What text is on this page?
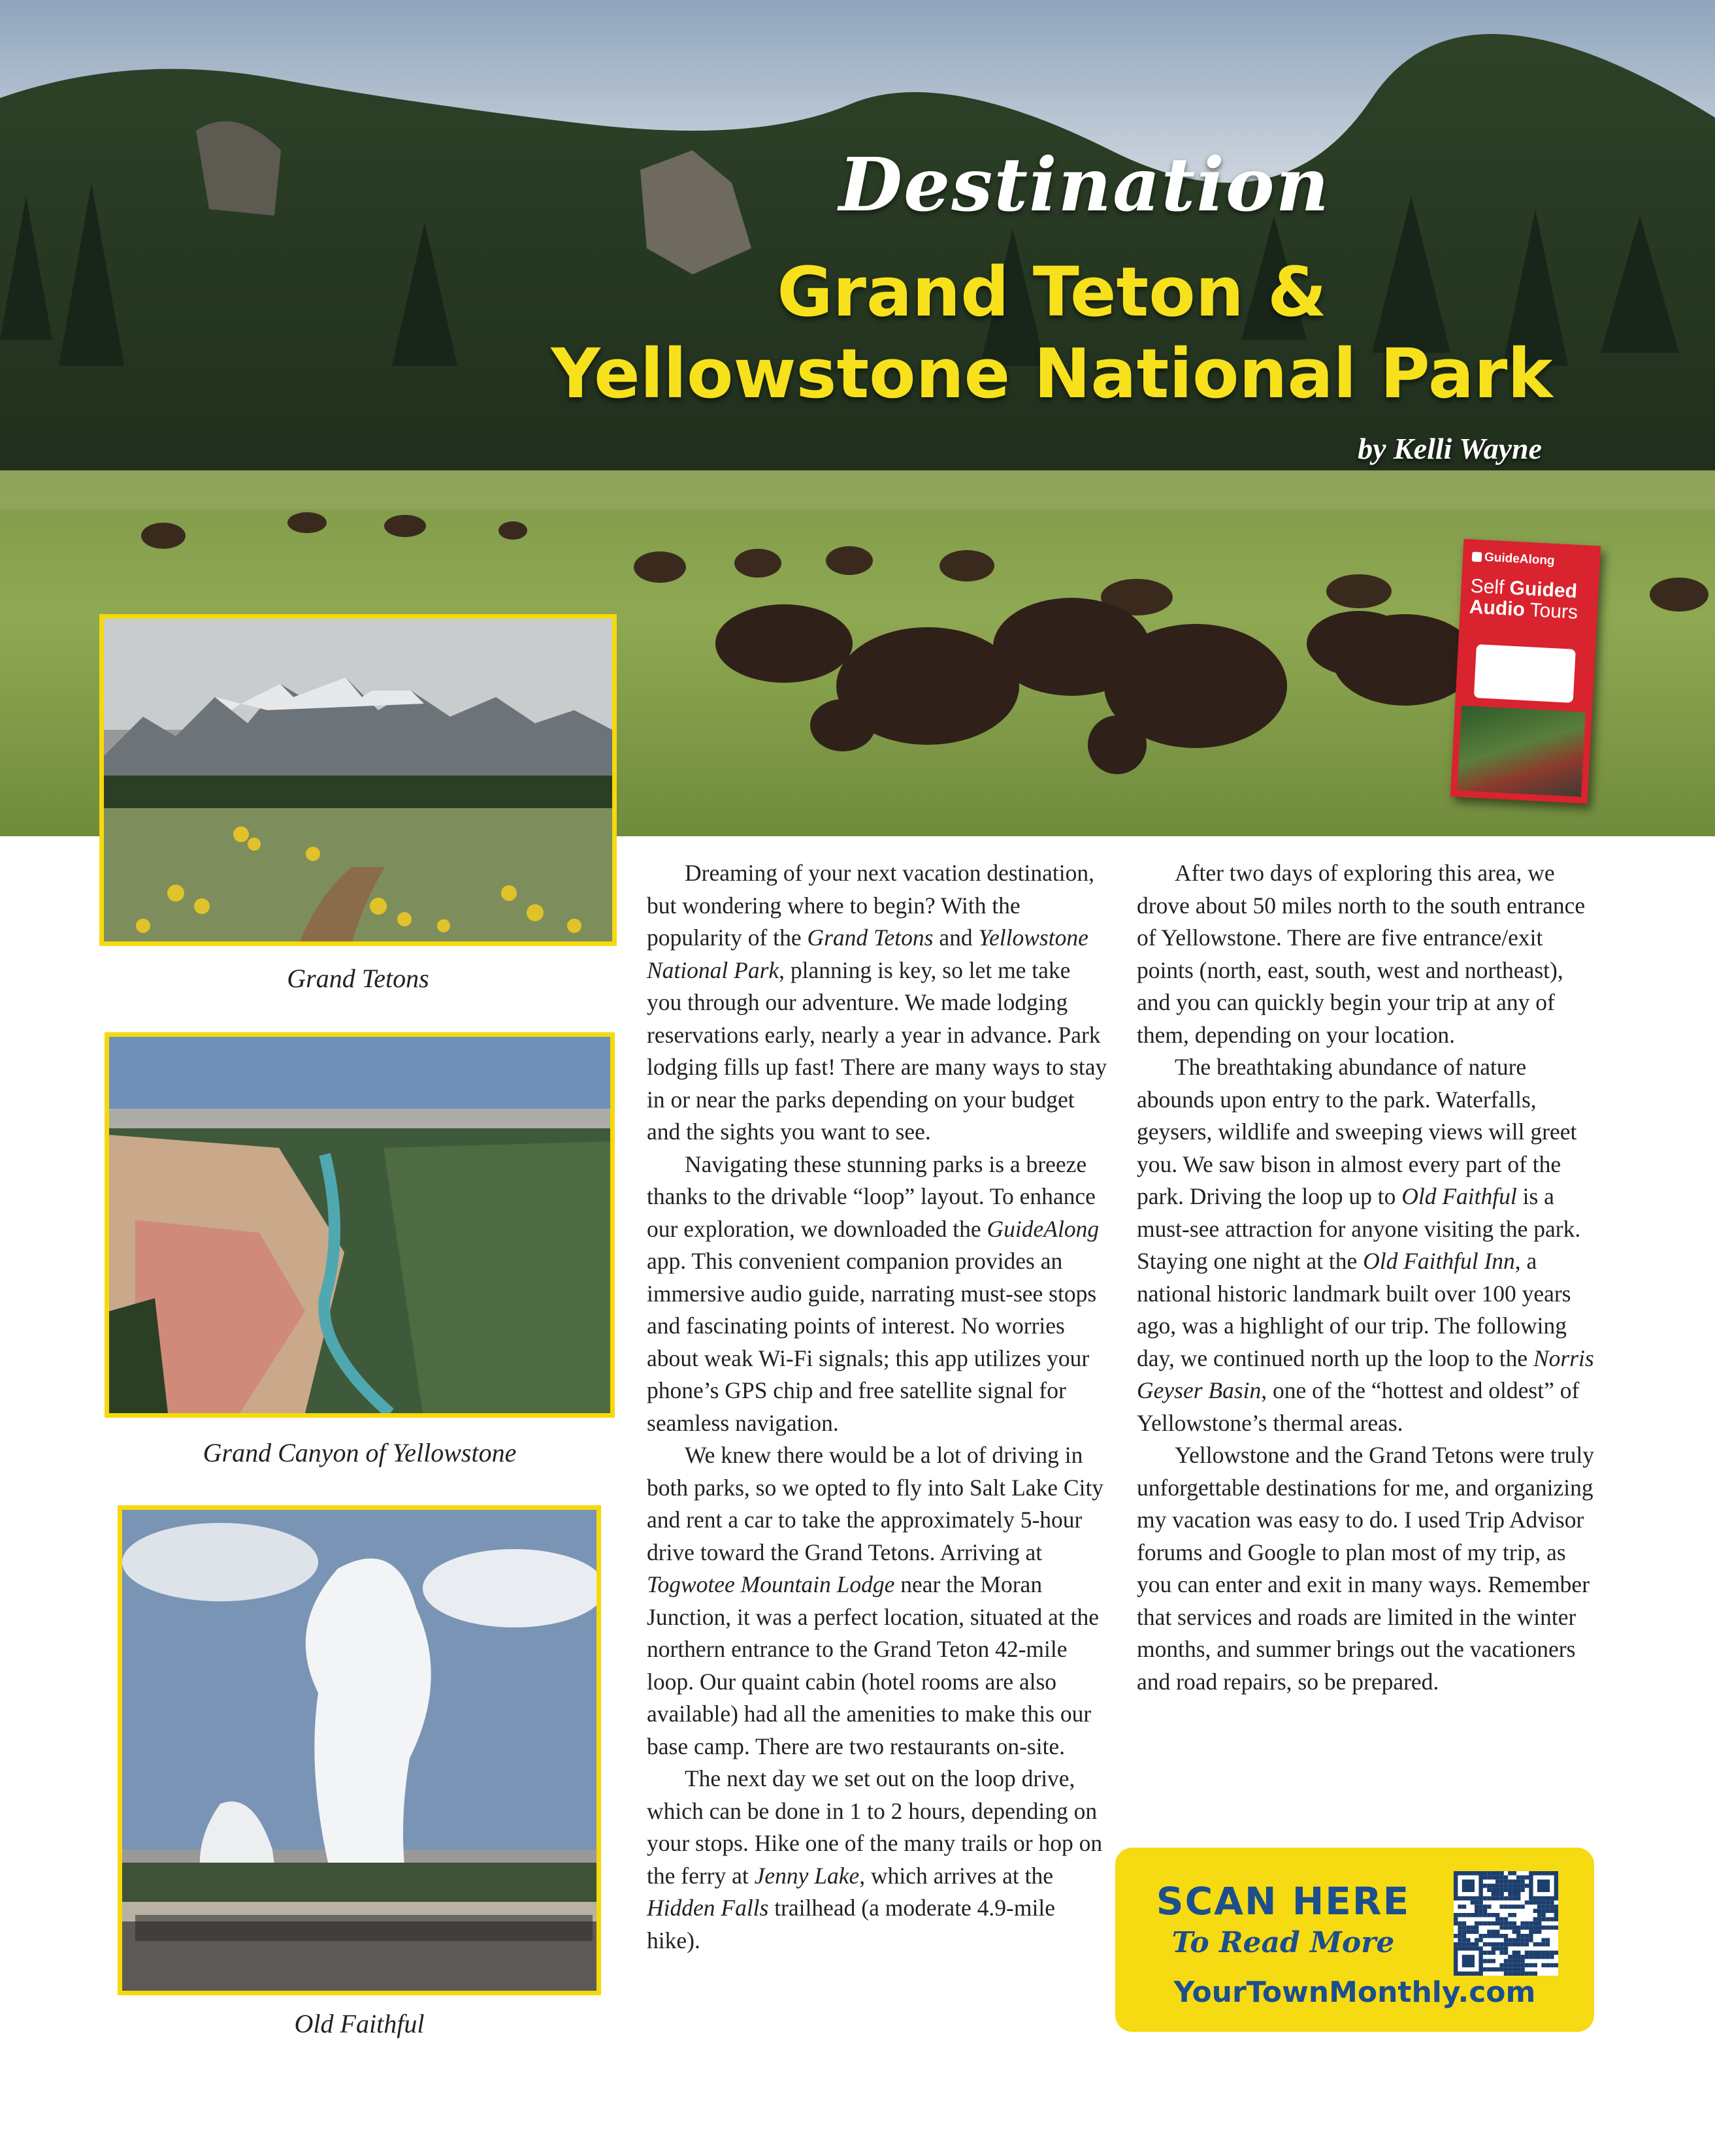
Destination
Grand Teton &
Yellowstone National Park
by Kelli Wayne
GuideAlong
Self Guided
Audio Tours
Grand Tetons
Grand Canyon of Yellowstone
Old Faithful

Dreaming of your next vacation destination, but wondering where to begin? With the popularity of the Grand Tetons and Yellowstone National Park, planning is key, so let me take you through our adventure. We made lodging reservations early, nearly a year in advance. Park lodging fills up fast! There are many ways to stay in or near the parks depending on your budget and the sights you want to see.

Navigating these stunning parks is a breeze thanks to the drivable “loop” layout. To enhance our exploration, we downloaded the GuideAlong app. This convenient companion provides an immersive audio guide, narrating must-see stops and fascinating points of interest. No worries about weak Wi-Fi signals; this app utilizes your phone’s GPS chip and free satellite signal for seamless navigation.

We knew there would be a lot of driving in both parks, so we opted to fly into Salt Lake City and rent a car to take the approximately 5-hour drive toward the Grand Tetons. Arriving at Togwotee Mountain Lodge near the Moran Junction, it was a perfect location, situated at the northern entrance to the Grand Teton 42-mile loop. Our quaint cabin (hotel rooms are also available) had all the amenities to make this our base camp. There are two restaurants on-site.

The next day we set out on the loop drive, which can be done in 1 to 2 hours, depending on your stops. Hike one of the many trails or hop on the ferry at Jenny Lake, which arrives at the Hidden Falls trailhead (a moderate 4.9-mile hike).

After two days of exploring this area, we drove about 50 miles north to the south entrance of Yellowstone. There are five entrance/exit points (north, east, south, west and northeast), and you can quickly begin your trip at any of them, depending on your location.

The breathtaking abundance of nature abounds upon entry to the park. Waterfalls, geysers, wildlife and sweeping views will greet you. We saw bison in almost every part of the park. Driving the loop up to Old Faithful is a must-see attraction for anyone visiting the park. Staying one night at the Old Faithful Inn, a national historic landmark built over 100 years ago, was a highlight of our trip. The following day, we continued north up the loop to the Norris Geyser Basin, one of the “hottest and oldest” of Yellowstone’s thermal areas.

Yellowstone and the Grand Tetons were truly unforgettable destinations for me, and organizing my vacation was easy to do. I used Trip Advisor forums and Google to plan most of my trip, as you can enter and exit in many ways. Remember that services and roads are limited in the winter months, and summer brings out the vacationers and road repairs, so be prepared.

SCAN HERE
To Read More
YourTownMonthly.com
